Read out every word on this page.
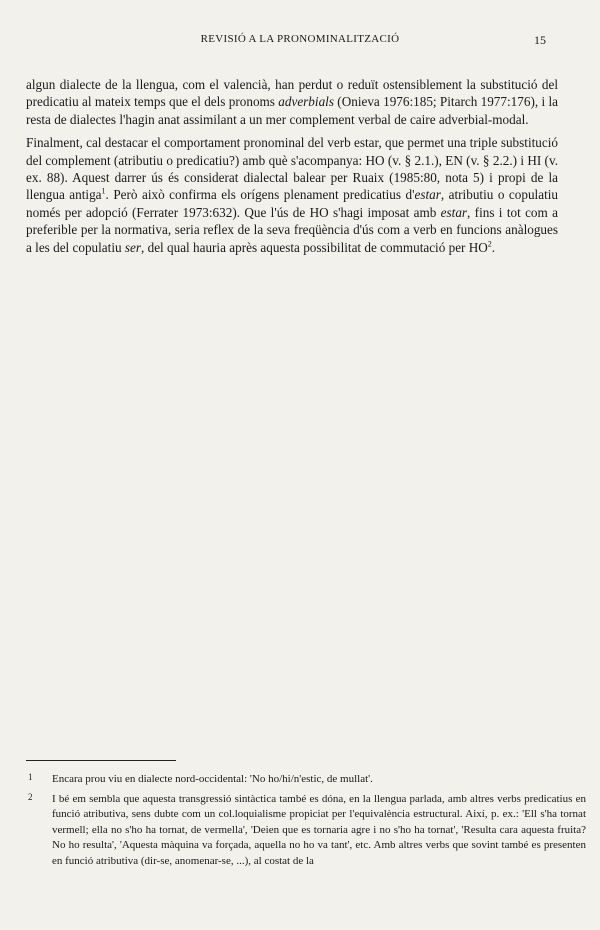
REVISIÓ A LA PRONOMINALITZACIÓ	15

algun dialecte de la llengua, com el valencià, han perdut o reduït ostensiblement la substitució del predicatiu al mateix temps que el dels pronoms adverbials (Onieva 1976:185; Pitarch 1977:176), i la resta de dialectes l'hagin anat assimilant a un mer complement verbal de caire adverbial-modal.

Finalment, cal destacar el comportament pronominal del verb estar, que permet una triple substitució del complement (atributiu o predicatiu?) amb què s'acompanya: HO (v. § 2.1.), EN (v. § 2.2.) i HI (v. ex. 88). Aquest darrer ús és considerat dialectal balear per Ruaix (1985:80, nota 5) i propi de la llengua antiga$^1$. Però això confirma els orígens plenament predicatius d'estar, atributiu o copulatiu només per adopció (Ferrater 1973:632). Que l'ús de HO s'hagi imposat amb estar, fins i tot com a preferible per la normativa, seria reflex de la seva freqüència d'ús com a verb en funcions anàlogues a les del copulatiu ser, del qual hauria après aquesta possibilitat de commutació per $HO^2$.

1 Encara prou viu en dialecte nord-occidental: 'No ho/hi/n'estic, de mullat'.
2 I bé em sembla que aquesta transgressió sintàctica també es dóna, en la llengua parlada, amb altres verbs predicatius en funció atributiva, sens dubte com un col.loquialisme propiciat per l'equivalència estructural. Així, p. ex.: 'Ell s'ha tornat vermell; ella no s'ho ha tornat, de vermella', 'Deien que es tornaria agre i no s'ho ha tornat', 'Resulta cara aquesta fruita? No ho resulta', 'Aquesta màquina va forçada, aquella no ho va tant', etc. Amb altres verbs que sovint també es presenten en funció atributiva (dir-se, anomenar-se, ...), al costat de la
